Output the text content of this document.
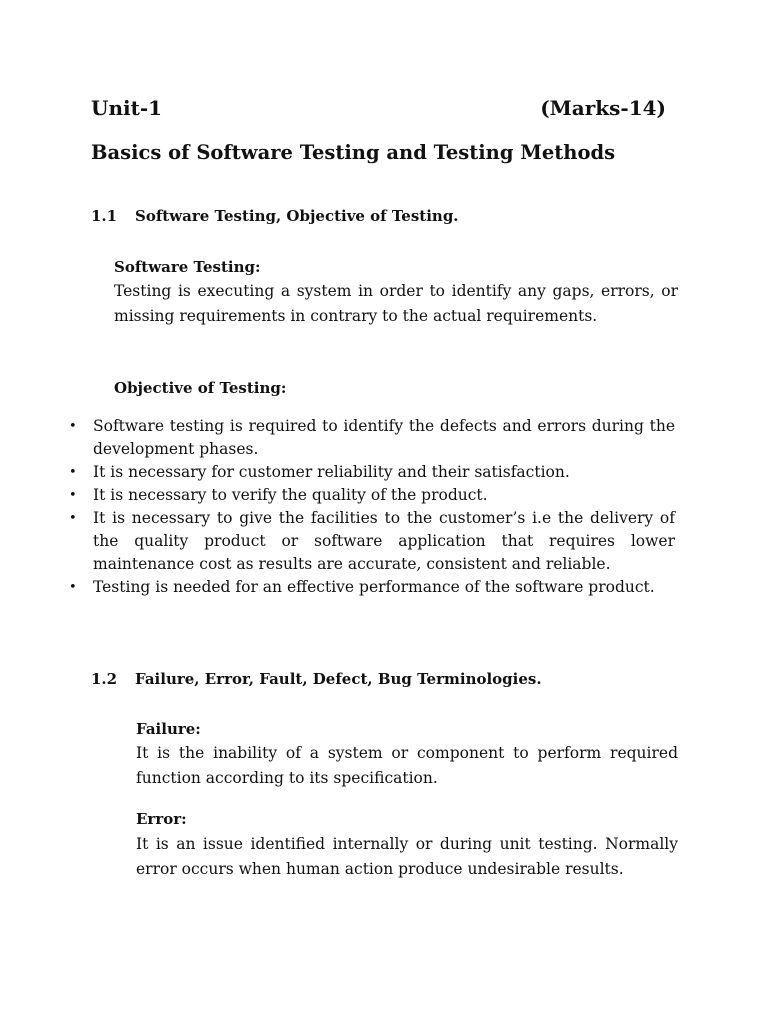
Unit-1	(Marks-14)
Basics of Software Testing and Testing Methods
1.1 Software Testing, Objective of Testing.
Software Testing:
Testing is executing a system in order to identify any gaps, errors, or missing requirements in contrary to the actual requirements.
Objective of Testing:
• Software testing is required to identify the defects and errors during the development phases.
• It is necessary for customer reliability and their satisfaction.
• It is necessary to verify the quality of the product.
• It is necessary to give the facilities to the customer’s i.e the delivery of the quality product or software application that requires lower maintenance cost as results are accurate, consistent and reliable.
• Testing is needed for an effective performance of the software product.
1.2 Failure, Error, Fault, Defect, Bug Terminologies.
Failure:
It is the inability of a system or component to perform required function according to its specification.
Error:
It is an issue identified internally or during unit testing. Normally error occurs when human action produce undesirable results.
